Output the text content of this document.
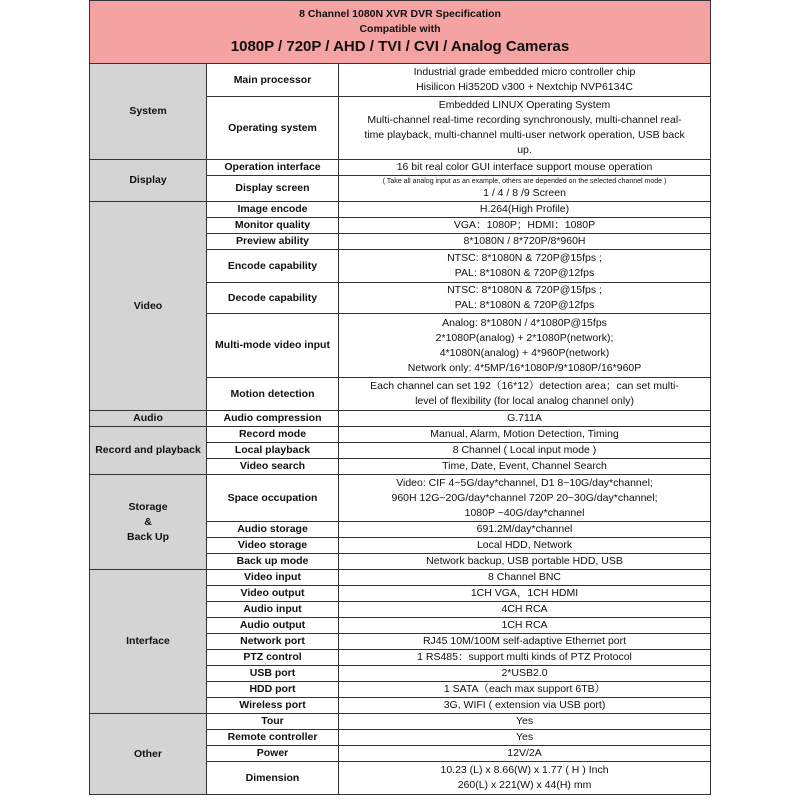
8 Channel 1080N XVR DVR Specification
Compatible with
1080P / 720P / AHD / TVI / CVI / Analog Cameras		

System	Main processor	Industrial grade embedded micro controller chip
Hisilicon Hi3520D v300 + Nextchip NVP6134C

	Operating system	Embedded LINUX Operating System
Multi-channel real-time recording synchronously, multi-channel real-
time playback, multi-channel multi-user network operation, USB back
up.

Display	Operation interface	16 bit real color GUI interface support mouse operation

	Display screen	( Take all analog input as an example, others are depended on the selected channel mode )
1 / 4 / 8 /9 Screen

Video	Image encode	H.264(High Profile)

	Monitor quality	VGA：1080P；HDMI：1080P

	Preview ability	8*1080N / 8*720P/8*960H

	Encode capability	NTSC: 8*1080N & 720P@15fps ;
PAL: 8*1080N & 720P@12fps

	Decode capability	NTSC: 8*1080N & 720P@15fps ;
PAL: 8*1080N & 720P@12fps

	Multi-mode video input	Analog: 8*1080N / 4*1080P@15fps
2*1080P(analog) + 2*1080P(network);
4*1080N(analog) + 4*960P(network)
Network only: 4*5MP/16*1080P/9*1080P/16*960P

	Motion detection	Each channel can set 192（16*12）detection area；can set multi-
level of flexibility (for local analog channel only)

Audio	Audio compression	G.711A

Record and playback	Record mode	Manual, Alarm, Motion Detection, Timing

	Local playback	8 Channel ( Local input mode )

	Video search	Time, Date, Event, Channel Search

Storage
&
Back Up	Space occupation	Video: CIF 4~5G/day*channel, D1 8~10G/day*channel;
960H 12G~20G/day*channel 720P 20~30G/day*channel;
1080P ~40G/day*channel

	Audio storage	691.2M/day*channel

	Video storage	Local HDD, Network

	Back up mode	Network backup, USB portable HDD, USB

Interface	Video input	8 Channel BNC

	Video output	1CH VGA，1CH HDMI

	Audio input	4CH RCA

	Audio output	1CH RCA

	Network port	RJ45 10M/100M self-adaptive Ethernet port

	PTZ control	1 RS485：support multi kinds of PTZ Protocol

	USB port	2*USB2.0

	HDD port	1 SATA（each max support 6TB）

	Wireless port	3G, WIFI ( extension via USB port)

Other	Tour	Yes

	Remote controller	Yes

	Power	12V/2A

	Dimension	10.23 (L) x 8.66(W) x 1.77 ( H ) Inch
260(L) x 221(W) x 44(H) mm
